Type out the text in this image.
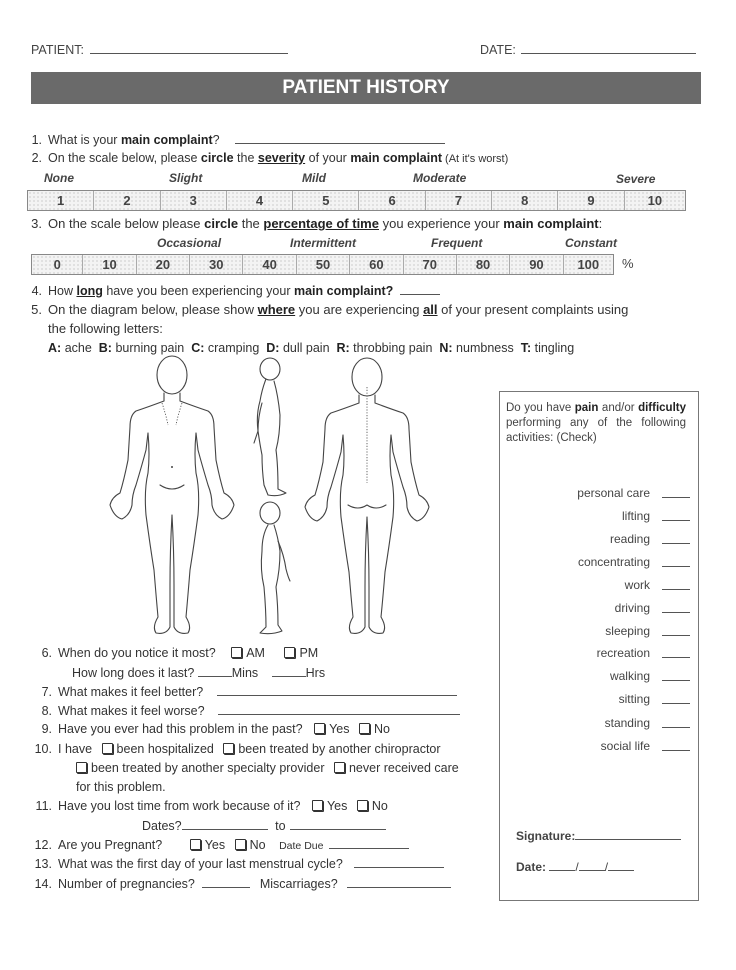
PATIENT:	DATE:
PATIENT HISTORY
1. What is your main complaint?
2. On the scale below, please circle the severity of your main complaint (At it's worst)
None	Slight	Mild	Moderate	Severe
1	2	3	4	5	6	7	8	9	10
3. On the scale below please circle the percentage of time you experience your main complaint:
Occasional	Intermittent	Frequent	Constant
0	10	20	30	40	50	60	70	80	90	100	%
4. How long have you been experiencing your main complaint?
5. On the diagram below, please show where you are experiencing all of your present complaints using
the following letters:
A: ache B: burning pain C: cramping D: dull pain R: throbbing pain N: numbness T: tingling
Do you have pain and/or difficulty performing any of the following activities: (Check)
personal care
lifting
reading
concentrating
work
driving
sleeping
recreation
walking
sitting
standing
social life
Signature:
Date: / /
6. When do you notice it most? AM	PM
How long does it last?	Mins	Hrs
7. What makes it feel better?
8. What makes it feel worse?
9. Have you ever had this problem in the past? Yes No
10. I have been hospitalized been treated by another chiropractor
been treated by another specialty provider never received care
for this problem.
11. Have you lost time from work because of it? Yes No
Dates?	to
12. Are you Pregnant?	Yes No Date Due
13. What was the first day of your last menstrual cycle?
14. Number of pregnancies?	Miscarriages?
